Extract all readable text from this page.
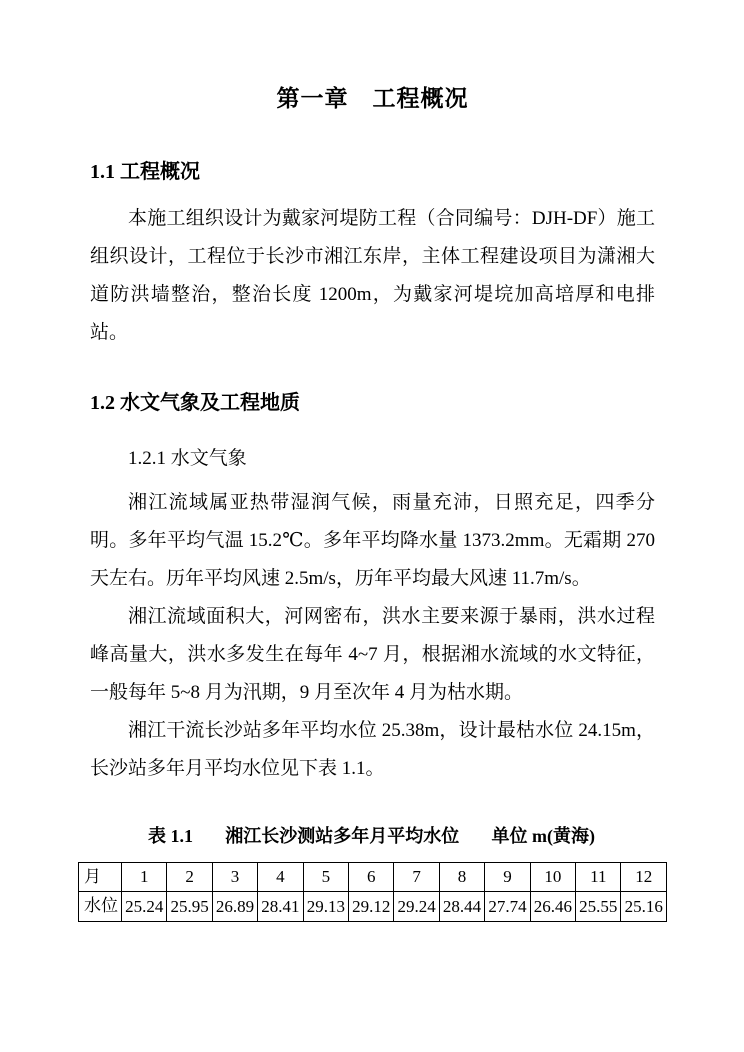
第一章　工程概况
1.1 工程概况

本施工组织设计为戴家河堤防工程（合同编号：DJH-DF）施工组织设计，工程位于长沙市湘江东岸，主体工程建设项目为潇湘大道防洪墙整治，整治长度 1200m，为戴家河堤垸加高培厚和电排站。

1.2 水文气象及工程地质
1.2.1 水文气象

湘江流域属亚热带湿润气候，雨量充沛，日照充足，四季分明。多年平均气温 15.2℃。多年平均降水量 1373.2mm。无霜期 270 天左右。历年平均风速 2.5m/s，历年平均最大风速 11.7m/s。

湘江流域面积大，河网密布，洪水主要来源于暴雨，洪水过程峰高量大，洪水多发生在每年 4~7 月，根据湘水流域的水文特征，一般每年 5~8 月为汛期，9 月至次年 4 月为枯水期。

湘江干流长沙站多年平均水位 25.38m，设计最枯水位 24.15m，长沙站多年月平均水位见下表 1.1。

表 1.1 湘江长沙测站多年月平均水位 单位 m(黄海)
月	1	2	3	4	5	6	7	8	9	10	11	12
水位	25.24	25.95	26.89	28.41	29.13	29.12	29.24	28.44	27.74	26.46	25.55	25.16
